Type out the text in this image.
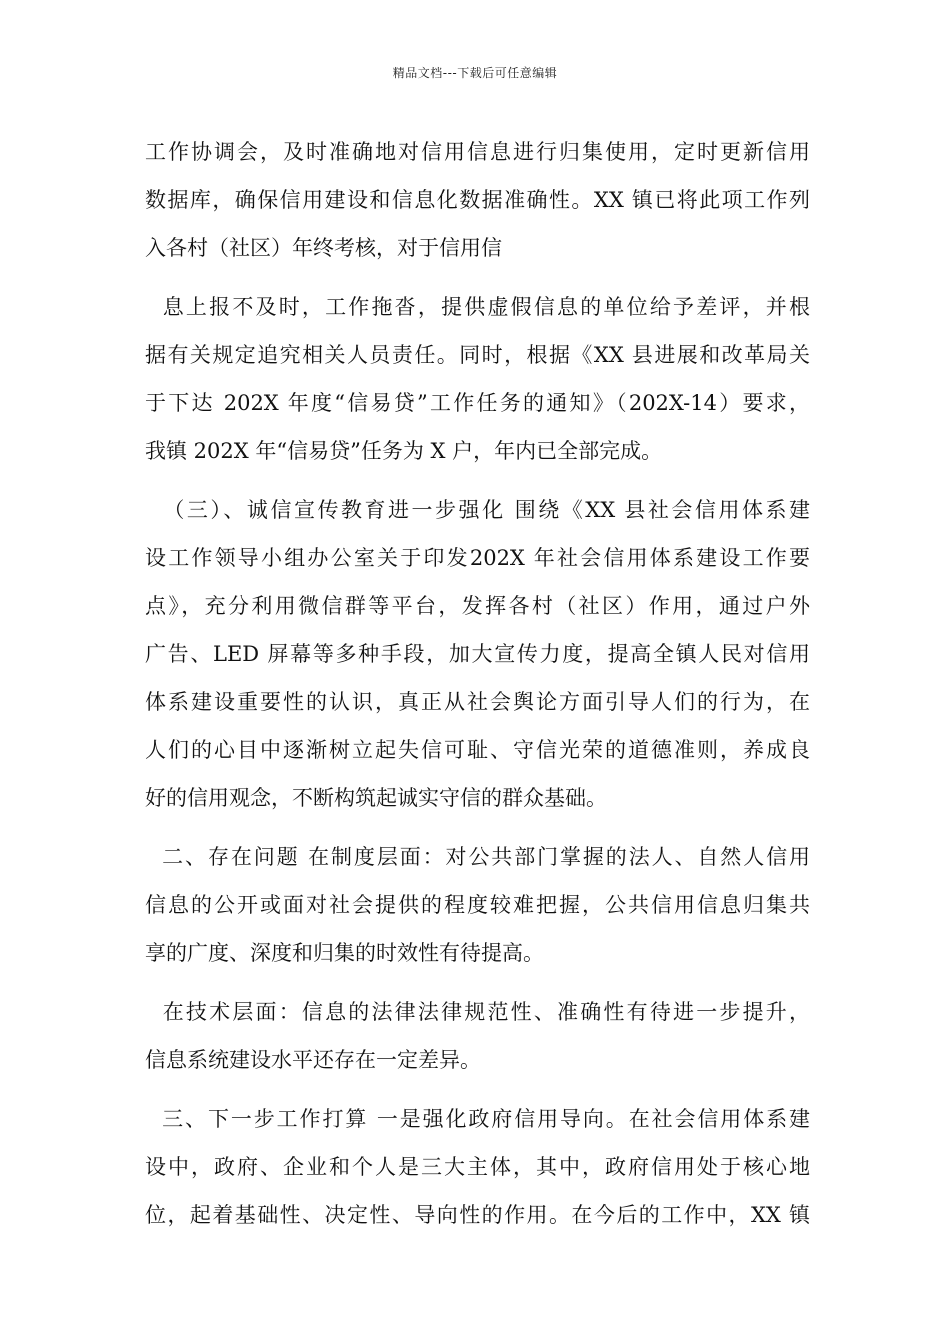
精品文档---下载后可任意编辑
工作协调会，及时准确地对信用信息进行归集使用，定时更新信用
数据库，确保信用建设和信息化数据准确性。XX 镇已将此项工作列
入各村（社区）年终考核，对于信用信
息上报不及时，工作拖沓，提供虚假信息的单位给予差评，并根
据有关规定追究相关人员责任。同时，根据《XX 县进展和改革局关
于下达 202X 年度“信易贷”工作任务的通知》（202X-14）要求，
我镇 202X 年“信易贷”任务为 X 户，年内已全部完成。
（三）、诚信宣传教育进一步强化 围绕《XX 县社会信用体系建
设工作领导小组办公室关于印发202X 年社会信用体系建设工作要
点》，充分利用微信群等平台，发挥各村（社区）作用，通过户外
广告、LED 屏幕等多种手段，加大宣传力度，提高全镇人民对信用
体系建设重要性的认识，真正从社会舆论方面引导人们的行为，在
人们的心目中逐渐树立起失信可耻、守信光荣的道德准则，养成良
好的信用观念，不断构筑起诚实守信的群众基础。
二、存在问题 在制度层面：对公共部门掌握的法人、自然人信用
信息的公开或面对社会提供的程度较难把握，公共信用信息归集共
享的广度、深度和归集的时效性有待提高。
在技术层面：信息的法律法律规范性、准确性有待进一步提升，
信息系统建设水平还存在一定差异。
三、下一步工作打算 一是强化政府信用导向。在社会信用体系建
设中，政府、企业和个人是三大主体，其中，政府信用处于核心地
位，起着基础性、决定性、导向性的作用。在今后的工作中，XX 镇
